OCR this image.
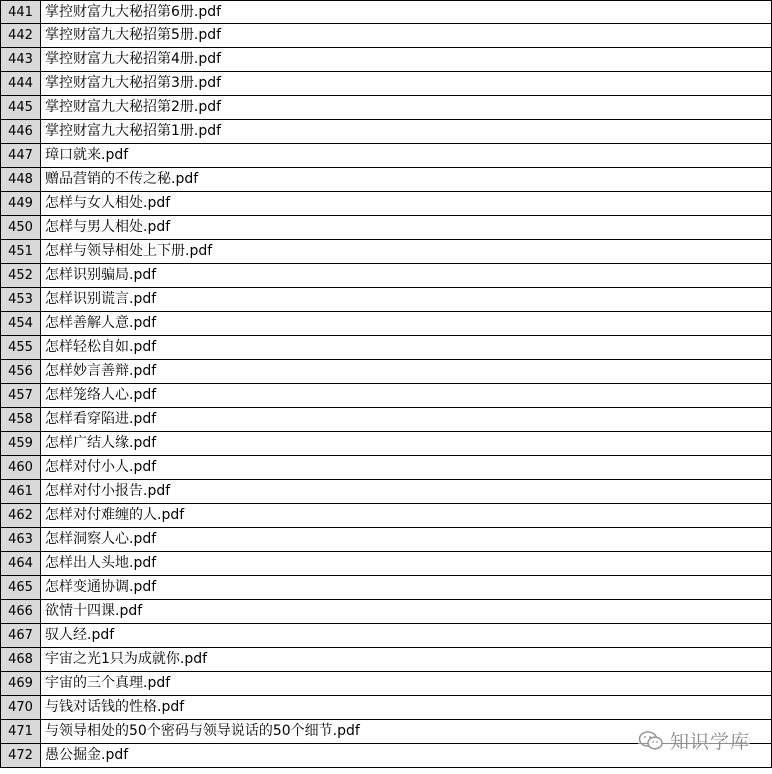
441 掌控财富九大秘招第6册.pdf
442 掌控财富九大秘招第5册.pdf
443 掌控财富九大秘招第4册.pdf
444 掌控财富九大秘招第3册.pdf
445 掌控财富九大秘招第2册.pdf
446 掌控财富九大秘招第1册.pdf
447 璋口就来.pdf
448 赠品营销的不传之秘.pdf
449 怎样与女人相处.pdf
450 怎样与男人相处.pdf
451 怎样与领导相处上下册.pdf
452 怎样识别骗局.pdf
453 怎样识别谎言.pdf
454 怎样善解人意.pdf
455 怎样轻松自如.pdf
456 怎样妙言善辩.pdf
457 怎样笼络人心.pdf
458 怎样看穿陷进.pdf
459 怎样广结人缘.pdf
460 怎样对付小人.pdf
461 怎样对付小报告.pdf
462 怎样对付难缠的人.pdf
463 怎样洞察人心.pdf
464 怎样出人头地.pdf
465 怎样变通协调.pdf
466 欲情十四课.pdf
467 驭人经.pdf
468 宇宙之光1只为成就你.pdf
469 宇宙的三个真理.pdf
470 与钱对话钱的性格.pdf
471 与领导相处的50个密码与领导说话的50个细节.pdf
472 愚公掘金.pdf
知识学库
